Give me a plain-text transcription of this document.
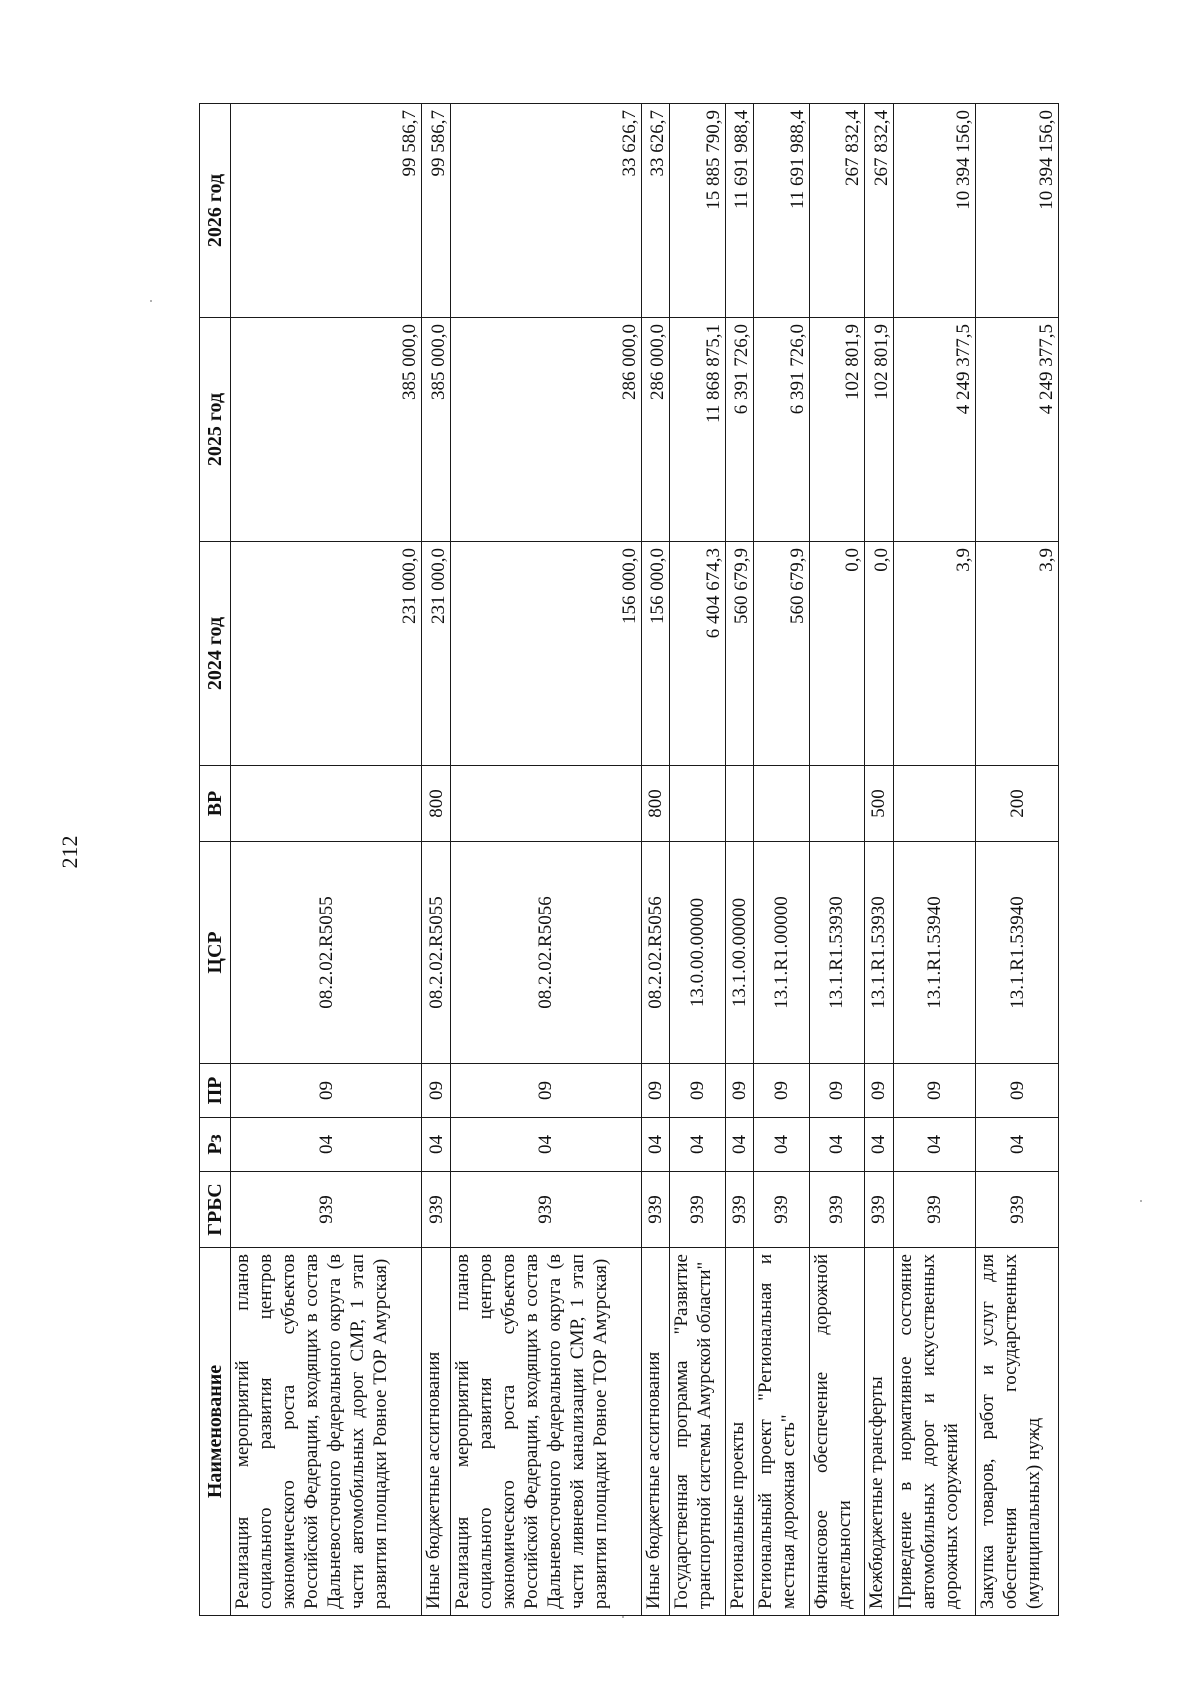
212
Наименование	ГРБС	Рз	ПР	ЦСР	ВР	2024 год	2025 год	2026 год
Реализация мероприятий планов социального развития центров экономического роста субъектов Российской Федерации, входящих в состав Дальневосточного федерального округа (в части автомобильных дорог СМР, 1 этап развития площадки Ровное ТОР Амурская)	939	04	09	08.2.02.R5055		231 000,0	385 000,0	99 586,7
Иные бюджетные ассигнования	939	04	09	08.2.02.R5055	800	231 000,0	385 000,0	99 586,7
Реализация мероприятий планов социального развития центров экономического роста субъектов Российской Федерации, входящих в состав Дальневосточного федерального округа (в части ливневой канализации СМР, 1 этап развития площадки Ровное ТОР Амурская)	939	04	09	08.2.02.R5056		156 000,0	286 000,0	33 626,7
Иные бюджетные ассигнования	939	04	09	08.2.02.R5056	800	156 000,0	286 000,0	33 626,7
Государственная программа "Развитие транспортной системы Амурской области"	939	04	09	13.0.00.00000		6 404 674,3	11 868 875,1	15 885 790,9
Региональные проекты	939	04	09	13.1.00.00000		560 679,9	6 391 726,0	11 691 988,4
Региональный проект "Региональная и местная дорожная сеть"	939	04	09	13.1.R1.00000		560 679,9	6 391 726,0	11 691 988,4
Финансовое обеспечение дорожной деятельности	939	04	09	13.1.R1.53930		0,0	102 801,9	267 832,4
Межбюджетные трансферты	939	04	09	13.1.R1.53930	500	0,0	102 801,9	267 832,4
Приведение в нормативное состояние автомобильных дорог и искусственных дорожных сооружений	939	04	09	13.1.R1.53940		3,9	4 249 377,5	10 394 156,0
Закупка товаров, работ и услуг для обеспечения государственных (муниципальных) нужд	939	04	09	13.1.R1.53940	200	3,9	4 249 377,5	10 394 156,0
